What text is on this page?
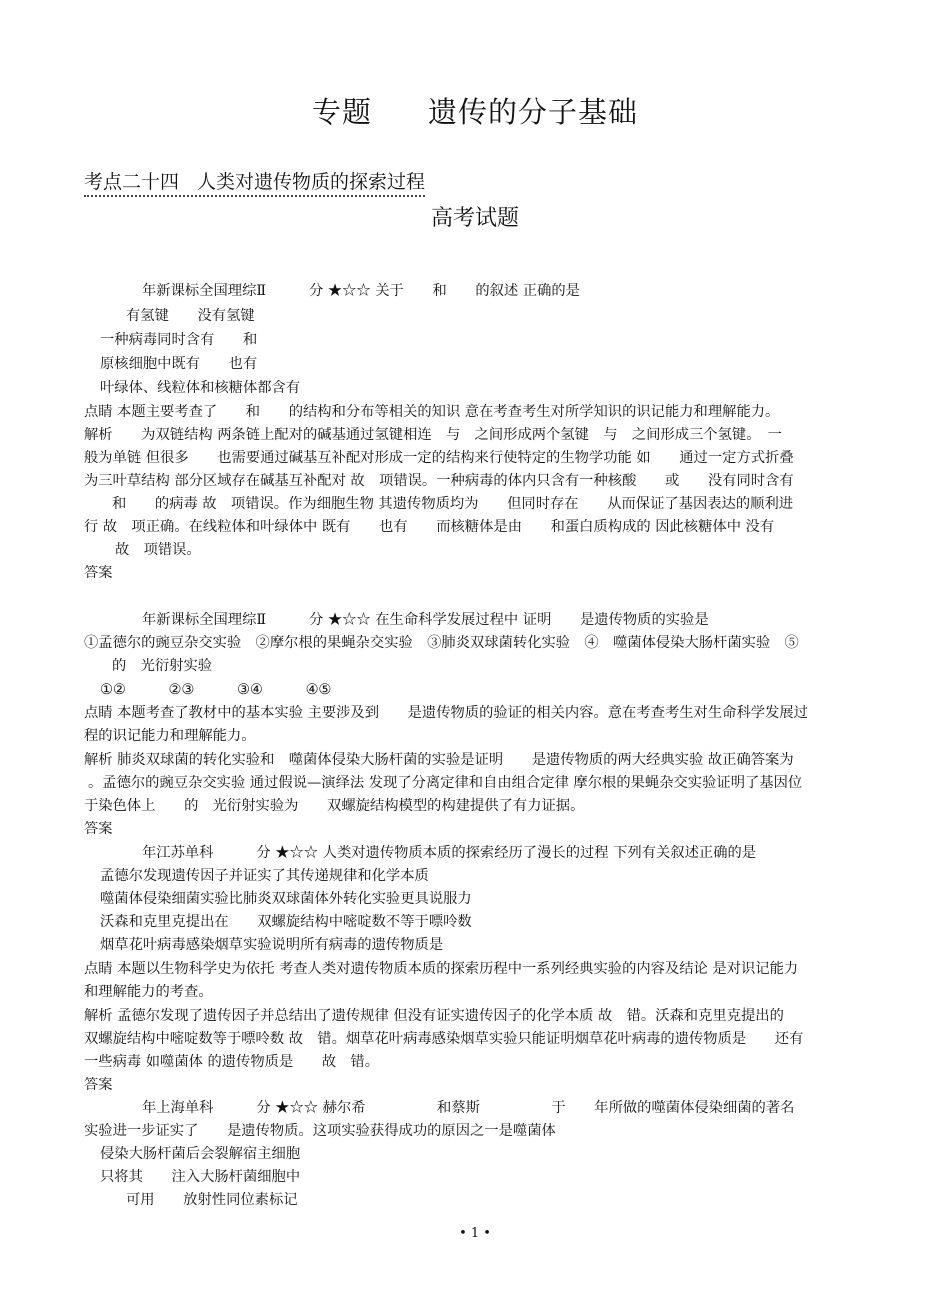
专题 遗传的分子基础
考点二十四 人类对遗传物质的探索过程
高考试题
年新课标全国理综Ⅱ　　　分 ★☆☆ 关于　　和　　的叙述 正确的是
有氢键　　没有氢键
一种病毒同时含有　　和
原核细胞中既有　　也有
叶绿体、线粒体和核糖体都含有
点睛 本题主要考查了　　和　　的结构和分布等相关的知识 意在考查考生对所学知识的识记能力和理解能力。
解析　　为双链结构 两条链上配对的碱基通过氢键相连　与　之间形成两个氢键　与　之间形成三个氢键。　一
般为单链 但很多　　也需要通过碱基互补配对形成一定的结构来行使特定的生物学功能 如　　通过一定方式折叠
为三叶草结构 部分区域存在碱基互补配对 故　项错误。一种病毒的体内只含有一种核酸　　或　　没有同时含有
和　　的病毒 故　项错误。作为细胞生物 其遗传物质均为　　但同时存在　　从而保证了基因表达的顺利进
行 故　项正确。在线粒体和叶绿体中 既有　　也有　　而核糖体是由　　和蛋白质构成的 因此核糖体中 没有
故　项错误。
答案
年新课标全国理综Ⅱ　　　分 ★☆☆ 在生命科学发展过程中 证明　　是遗传物质的实验是
①孟德尔的豌豆杂交实验　②摩尔根的果蝇杂交实验　③肺炎双球菌转化实验　④　噬菌体侵染大肠杆菌实验　⑤
的　光衍射实验
①②　　　②③　　　③④　　　④⑤
点睛 本题考查了教材中的基本实验 主要涉及到　　是遗传物质的验证的相关内容。意在考查考生对生命科学发展过
程的识记能力和理解能力。
解析 肺炎双球菌的转化实验和　噬菌体侵染大肠杆菌的实验是证明　　是遗传物质的两大经典实验 故正确答案为
。孟德尔的豌豆杂交实验 通过假说—演绎法 发现了分离定律和自由组合定律 摩尔根的果蝇杂交实验证明了基因位
于染色体上　　的　光衍射实验为　　双螺旋结构模型的构建提供了有力证据。
答案
年江苏单科　　　分 ★☆☆ 人类对遗传物质本质的探索经历了漫长的过程 下列有关叙述正确的是
孟德尔发现遗传因子并证实了其传递规律和化学本质
噬菌体侵染细菌实验比肺炎双球菌体外转化实验更具说服力
沃森和克里克提出在　　双螺旋结构中嘧啶数不等于嘌呤数
烟草花叶病毒感染烟草实验说明所有病毒的遗传物质是
点睛 本题以生物科学史为依托 考查人类对遗传物质本质的探索历程中一系列经典实验的内容及结论 是对识记能力
和理解能力的考查。
解析 孟德尔发现了遗传因子并总结出了遗传规律 但没有证实遗传因子的化学本质 故　错。沃森和克里克提出的
双螺旋结构中嘧啶数等于嘌呤数 故　错。烟草花叶病毒感染烟草实验只能证明烟草花叶病毒的遗传物质是　　还有
一些病毒 如噬菌体 的遗传物质是　　故　错。
答案
年上海单科　　　分 ★☆☆ 赫尔希　　　　　和蔡斯　　　　　于　　年所做的噬菌体侵染细菌的著名
实验进一步证实了　　是遗传物质。这项实验获得成功的原因之一是噬菌体
侵染大肠杆菌后会裂解宿主细胞
只将其　　注入大肠杆菌细胞中
可用　　放射性同位素标记
• 1 •
